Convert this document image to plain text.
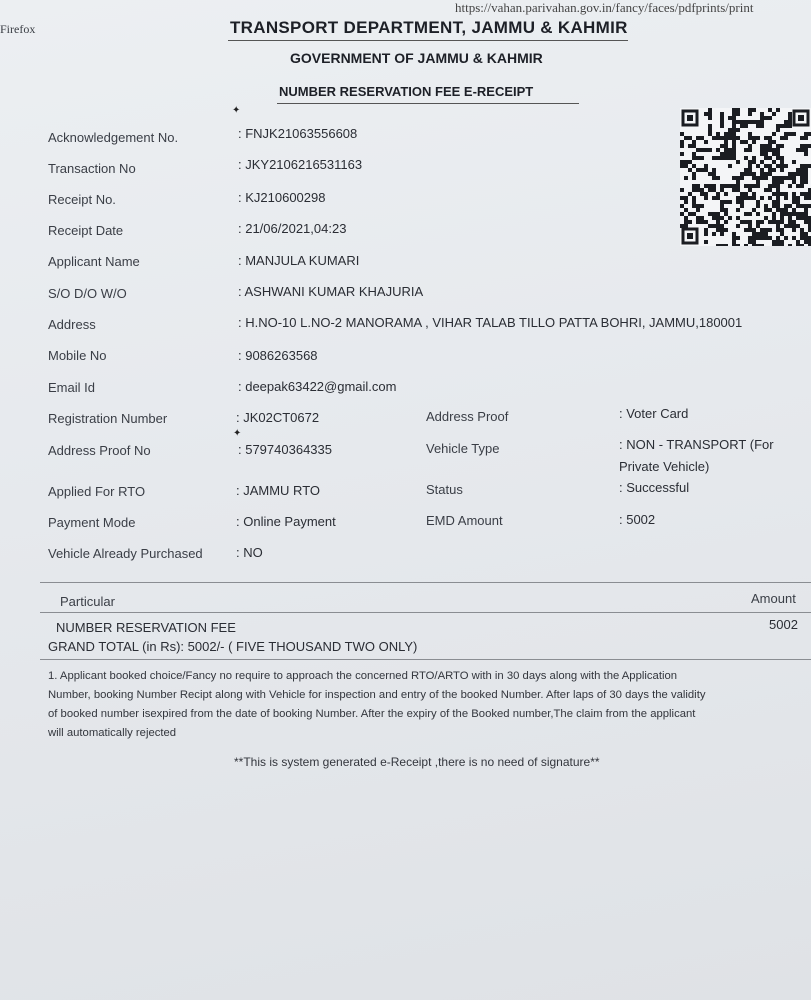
Firefox
https://vahan.parivahan.gov.in/fancy/faces/pdfprints/print
TRANSPORT DEPARTMENT, JAMMU & KAHMIR
GOVERNMENT OF JAMMU & KAHMIR
NUMBER RESERVATION FEE E-RECEIPT
✦
Acknowledgement No.	: FNJK21063556608
Transaction No	: JKY2106216531163
Receipt No.	: KJ210600298
Receipt Date	: 21/06/2021,04:23
Applicant Name	: MANJULA KUMARI
S/O D/O W/O	: ASHWANI KUMAR KHAJURIA
Address	: H.NO-10 L.NO-2 MANORAMA , VIHAR TALAB TILLO PATTA BOHRI, JAMMU,180001
Mobile No	: 9086263568
Email Id	: deepak63422@gmail.com
Registration Number	: JK02CT0672	Address Proof	: Voter Card
✦
Address Proof No	: 579740364335	Vehicle Type	: NON - TRANSPORT (For
Private Vehicle)
Applied For RTO	: JAMMU RTO	Status	: Successful
Payment Mode	: Online Payment	EMD Amount	: 5002
Vehicle Already Purchased	: NO
Particular	Amount
NUMBER RESERVATION FEE	5002
GRAND TOTAL (in Rs): 5002/- ( FIVE THOUSAND TWO ONLY)
1. Applicant booked choice/Fancy no require to approach the concerned RTO/ARTO with in 30 days along with the Application
Number, booking Number Recipt along with Vehicle for inspection and entry of the booked Number. After laps of 30 days the validity
of booked number isexpired from the date of booking Number. After the expiry of the Booked number,The claim from the applicant
will automatically rejected
**This is system generated e-Receipt ,there is no need of signature**
